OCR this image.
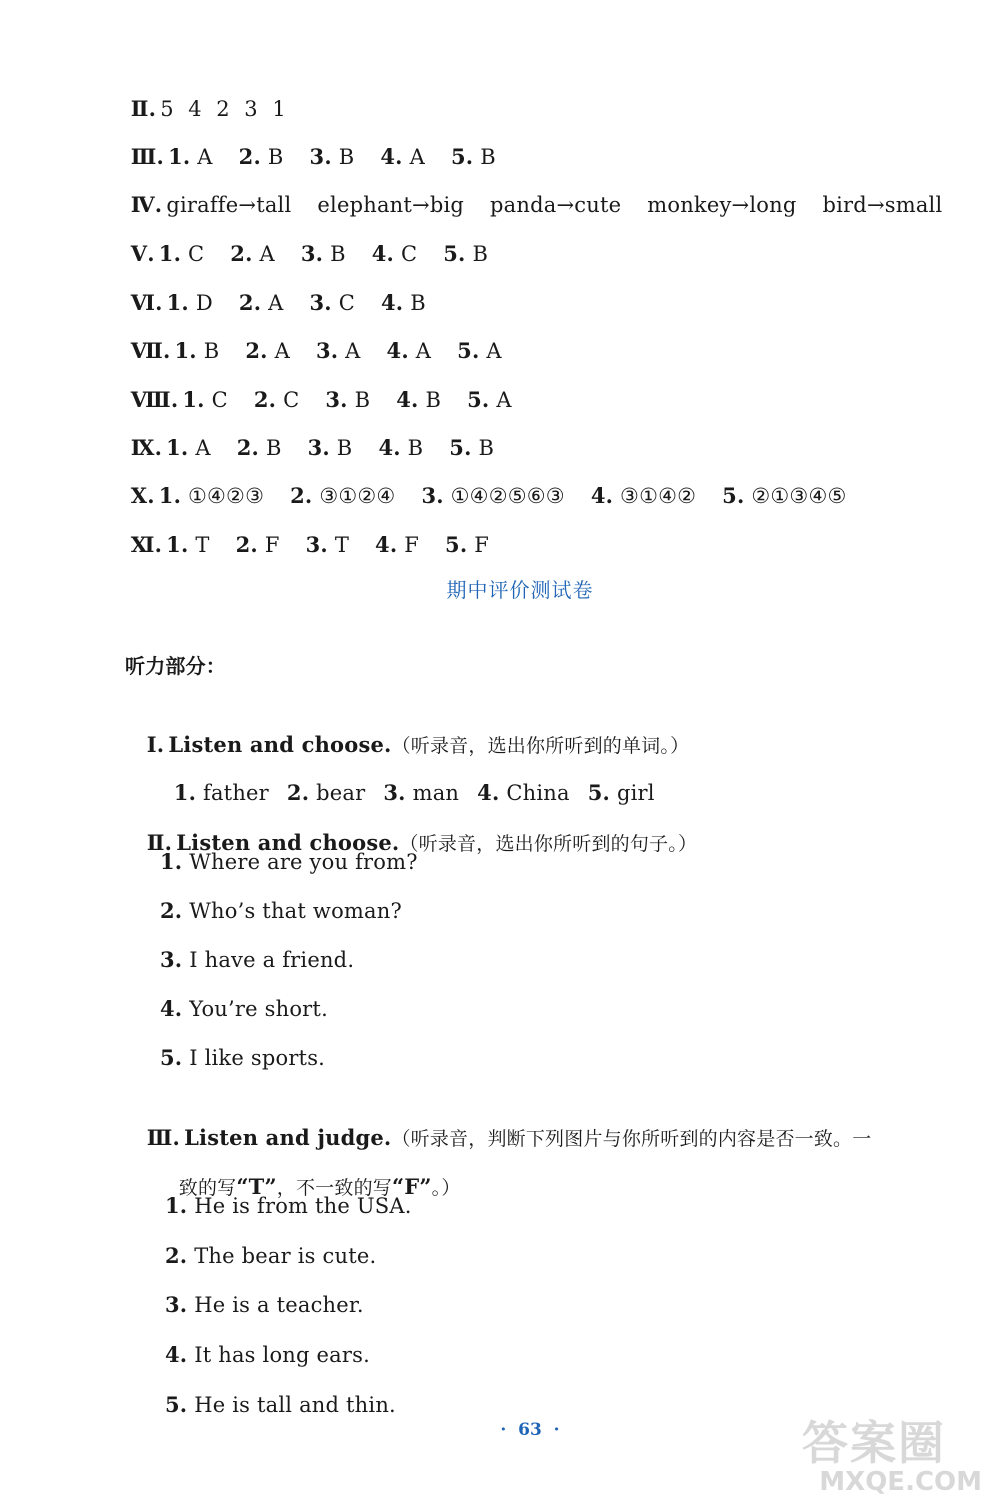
Ⅱ. 5 4 2 3 1

Ⅲ. 1. A 2. B 3. B 4. A 5. B

Ⅳ. giraffe→tall elephant→big panda→cute monkey→long bird→small

Ⅴ. 1. C 2. A 3. B 4. C 5. B

Ⅵ. 1. D 2. A 3. C 4. B

Ⅶ. 1. B 2. A 3. A 4. A 5. A

Ⅷ. 1. C 2. C 3. B 4. B 5. A

Ⅸ. 1. A 2. B 3. B 4. B 5. B

Ⅹ. 1. ①④②③ 2. ③①②④ 3. ①④②⑤⑥③ 4. ③①④② 5. ②①③④⑤

Ⅺ. 1. T 2. F 3. T 4. F 5. F

期中评价测试卷
听力部分：

Ⅰ. Listen and choose.（听录音，选出你所听到的单词。）

1. father 2. bear 3. man 4. China 5. girl

Ⅱ. Listen and choose.（听录音，选出你所听到的句子。）

1. Where are you from?
2. Who’s that woman?
3. I have a friend.
4. You’re short.
5. I like sports.

Ⅲ. Listen and judge.（听录音，判断下列图片与你所听到的内容是否一致。一

致的写“T”，不一致的写“F”。）

1. He is from the USA.
2. The bear is cute.
3. He is a teacher.
4. It has long ears.
5. He is tall and thin.
·  63  ·	答案圈
MXQE.COM
